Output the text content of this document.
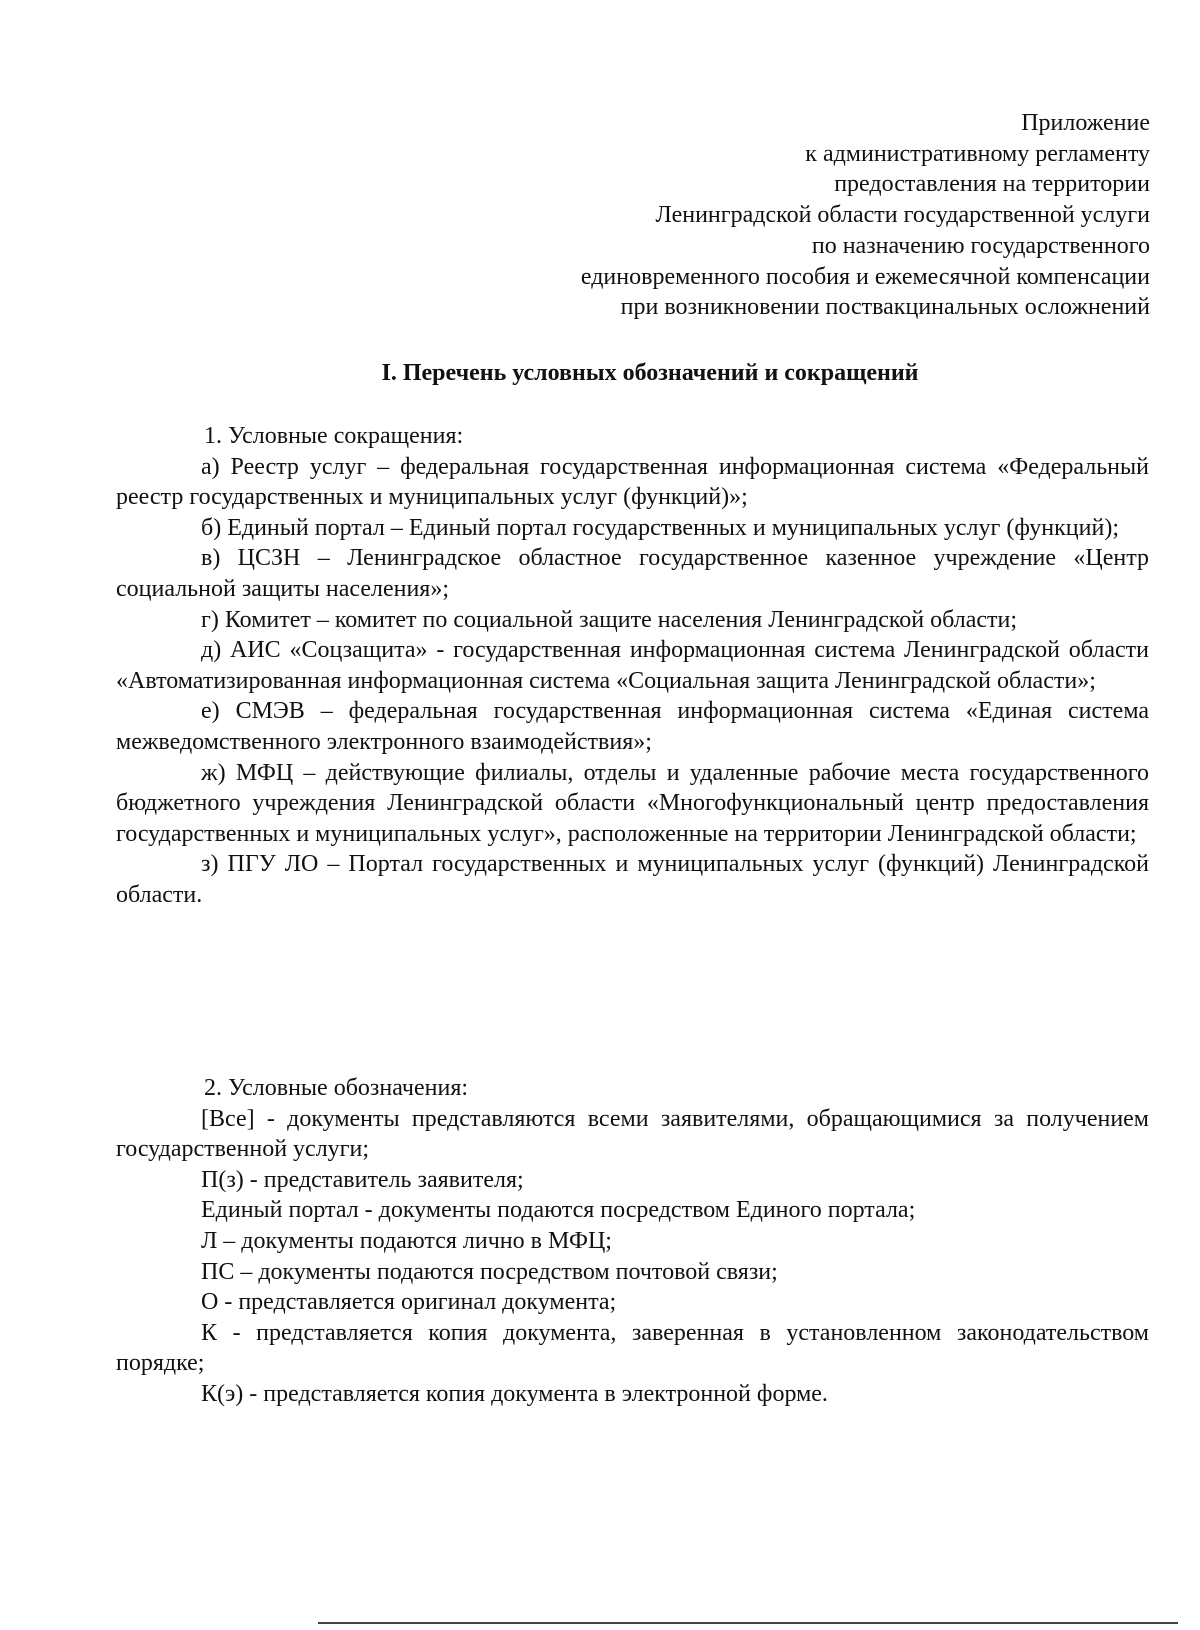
Приложение
к административному регламенту
предоставления на территории
Ленинградской области государственной услуги
по назначению государственного
единовременного пособия и ежемесячной компенсации
при возникновении поствакцинальных осложнений
I. Перечень условных обозначений и сокращений

1. Условные сокращения:

а) Реестр услуг – федеральная государственная информационная система «Федеральный реестр государственных и муниципальных услуг (функций)»;

б) Единый портал – Единый портал государственных и муниципальных услуг (функций);

в) ЦСЗН – Ленинградское областное государственное казенное учреждение «Центр социальной защиты населения»;

г) Комитет – комитет по социальной защите населения Ленинградской области;

д) АИС «Соцзащита» - государственная информационная система Ленинградской области «Автоматизированная информационная система «Социальная защита Ленинградской области»;

е) СМЭВ – федеральная государственная информационная система «Единая система межведомственного электронного взаимодействия»;

ж) МФЦ – действующие филиалы, отделы и удаленные рабочие места государственного бюджетного учреждения Ленинградской области «Многофункциональный центр предоставления государственных и муниципальных услуг», расположенные на территории Ленинградской области;

з) ПГУ ЛО – Портал государственных и муниципальных услуг (функций) Ленинградской области.

2. Условные обозначения:

[Все] - документы представляются всеми заявителями, обращающимися за получением государственной услуги;

П(з) - представитель заявителя;

Единый портал - документы подаются посредством Единого портала;

Л – документы подаются лично в МФЦ;

ПС – документы подаются посредством почтовой связи;

О - представляется оригинал документа;

К - представляется копия документа, заверенная в установленном законодательством порядке;

К(э) - представляется копия документа в электронной форме.
